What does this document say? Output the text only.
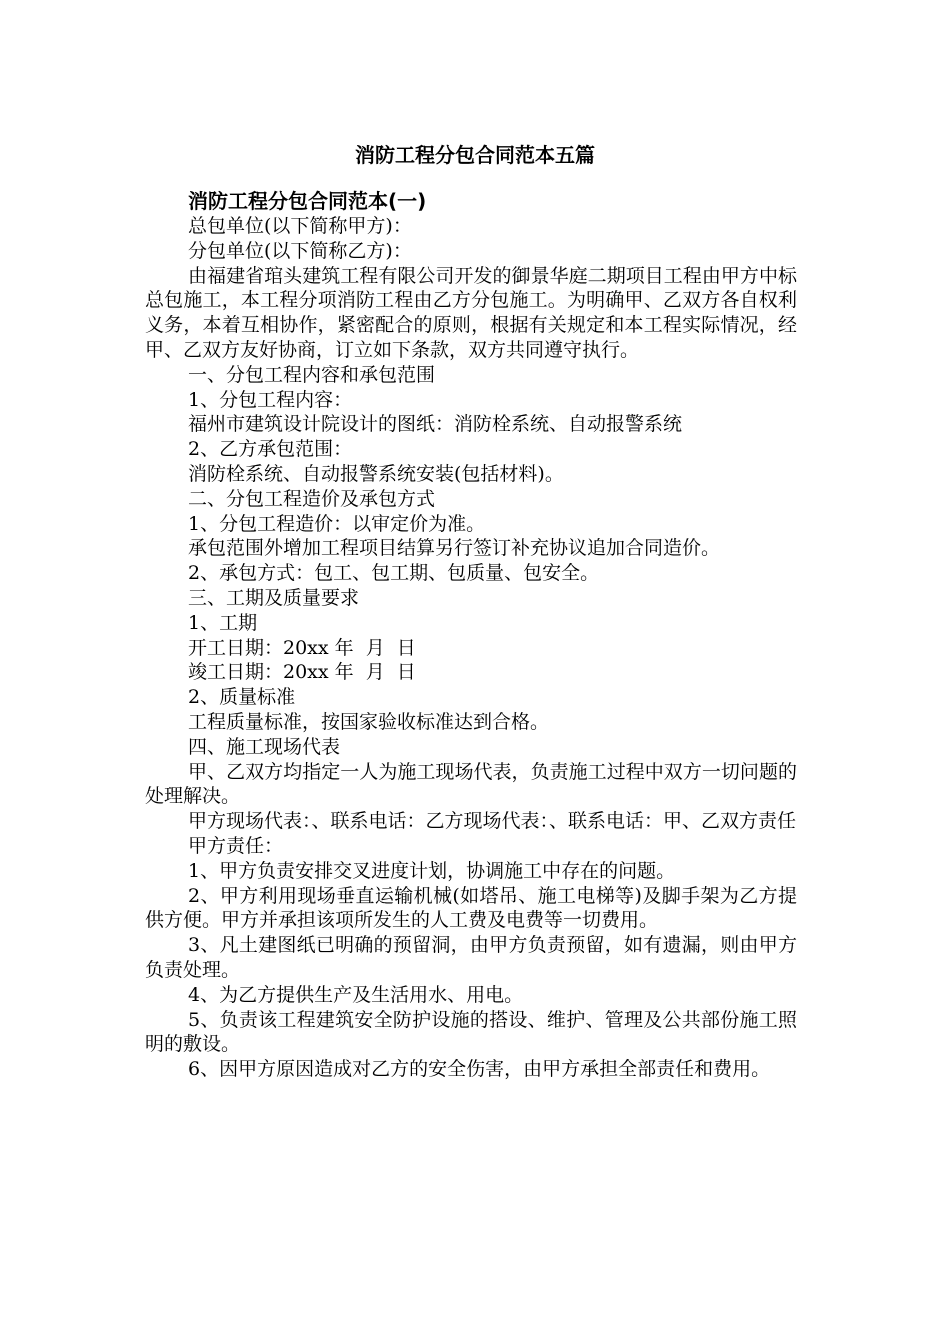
消防工程分包合同范本五篇
消防工程分包合同范本(一)

总包单位(以下简称甲方)：

分包单位(以下简称乙方)：

由福建省琯头建筑工程有限公司开发的御景华庭二期项目工程由甲方中标总包施工，本工程分项消防工程由乙方分包施工。为明确甲、乙双方各自权利义务，本着互相协作，紧密配合的原则，根据有关规定和本工程实际情况，经甲、乙双方友好协商，订立如下条款，双方共同遵守执行。

一、分包工程内容和承包范围

1、分包工程内容：

福州市建筑设计院设计的图纸：消防栓系统、自动报警系统

2、乙方承包范围：

消防栓系统、自动报警系统安装(包括材料)。

二、分包工程造价及承包方式

1、分包工程造价：以审定价为准。

承包范围外增加工程项目结算另行签订补充协议追加合同造价。

2、承包方式：包工、包工期、包质量、包安全。

三、工期及质量要求

1、工期

开工日期：20xx 年  月  日

竣工日期：20xx 年  月  日

2、质量标准

工程质量标准，按国家验收标准达到合格。

四、施工现场代表

甲、乙双方均指定一人为施工现场代表，负责施工过程中双方一切问题的处理解决。

甲方现场代表：、联系电话：乙方现场代表：、联系电话：甲、乙双方责任

甲方责任：

1、甲方负责安排交叉进度计划，协调施工中存在的问题。

2、甲方利用现场垂直运输机械(如塔吊、施工电梯等)及脚手架为乙方提供方便。甲方并承担该项所发生的人工费及电费等一切费用。

3、凡土建图纸已明确的预留洞，由甲方负责预留，如有遗漏，则由甲方负责处理。

4、为乙方提供生产及生活用水、用电。

5、负责该工程建筑安全防护设施的搭设、维护、管理及公共部份施工照明的敷设。

6、因甲方原因造成对乙方的安全伤害，由甲方承担全部责任和费用。
